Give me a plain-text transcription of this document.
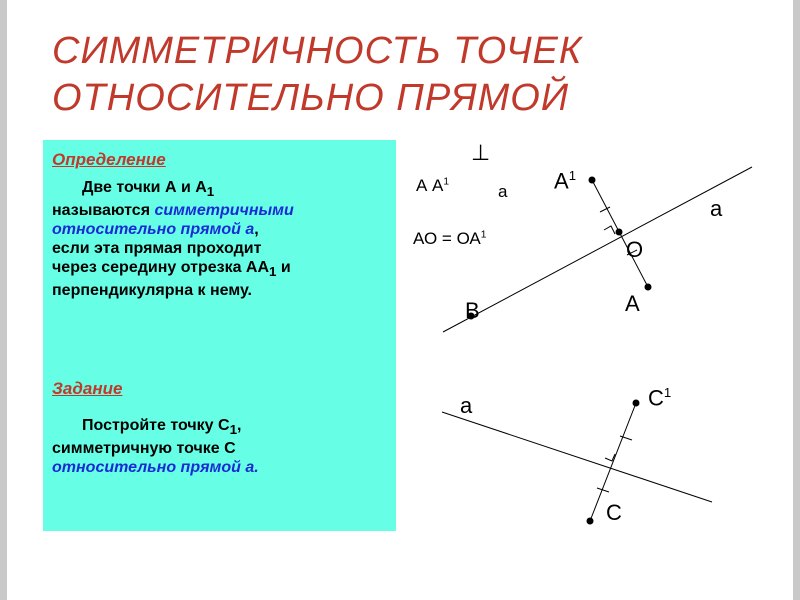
СИММЕТРИЧНОСТЬ ТОЧЕК
ОТНОСИТЕЛЬНО ПРЯМОЙ
Определение
Две точки А и $А_1$
называются симметричными
относительно прямой а,
если эта прямая проходит
через середину отрезка $АА_1$ и
перпендикулярна к нему.
Задание
Постройте точку $С_1$,
симметричную точке С
относительно прямой а.
⊥
А $А^1$
а
АО = $ОА^1$
$А^1$
О
А
В
а
а	$С^1$
С
